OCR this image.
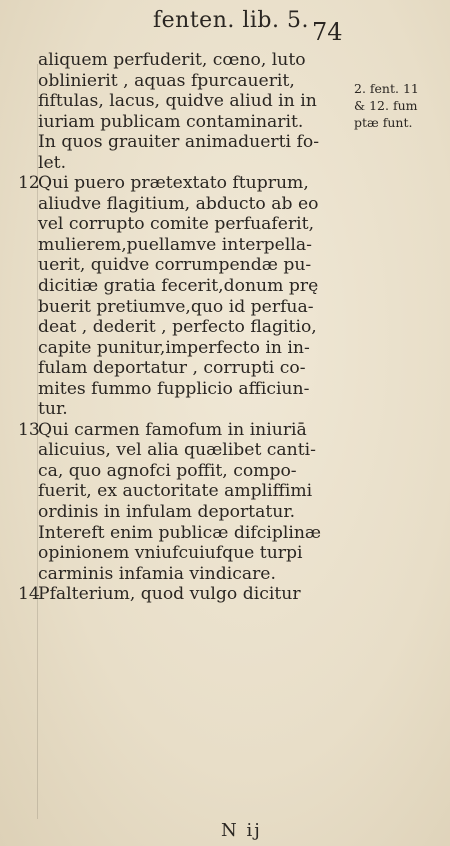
fenten. lib. 5. 74
aliquem perfuderit, cœno, luto
oblinierit , aquas fpurcauerit,
fiftulas, lacus, quidve aliud in in
iuriam publicam contaminarit.
In quos grauiter animaduerti fo-
let.
12Qui puero prætextato ftuprum,
aliudve flagitium, abducto ab eo
vel corrupto comite perfuaferit,
mulierem,puellamve interpella-
uerit, quidve corrumpendæ pu-
dicitiæ gratia fecerit,donum prę
buerit pretiumve,quo id perfua-
deat , dederit , perfecto flagitio,
capite punitur,imperfecto in in-
fulam deportatur , corrupti co-
mites fummo fupplicio afficiun-
tur.
13Qui carmen famofum in iniuriā
alicuius, vel alia quælibet canti-
ca, quo agnofci poffit, compo-
fuerit, ex auctoritate ampliffimi
ordinis in infulam deportatur.
Intereft enim publicæ difciplinæ
opinionem vniufcuiufque turpi
carminis infamia vindicare.
14Pfalterium, quod vulgo dicitur
2. fent. 11
& 12. fum
ptæ funt.
N ij
